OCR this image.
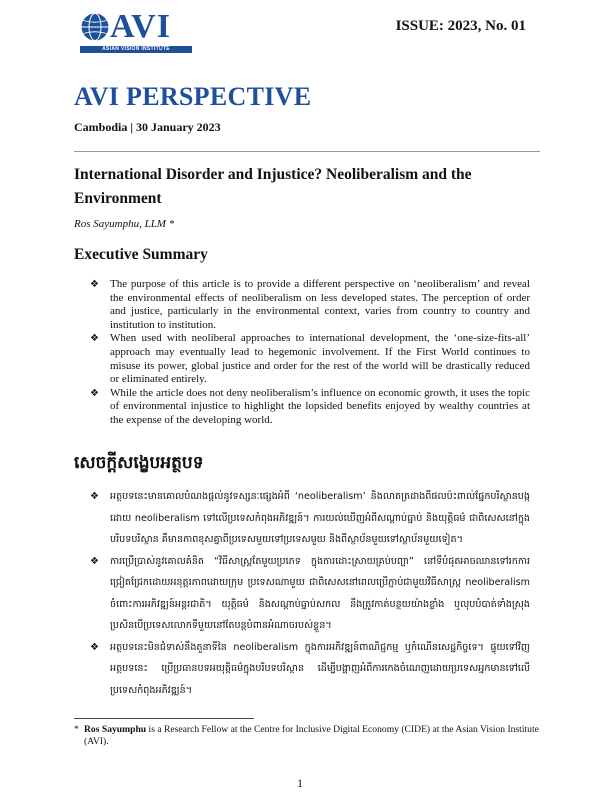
AVI
ASIAN VISION INSTITUTE
ISSUE: 2023, No. 01
AVI PERSPECTIVE
Cambodia | 30 January 2023
International Disorder and Injustice? Neoliberalism and the Environment
Ros Sayumphu, LLM *
Executive Summary
❖ The purpose of this article is to provide a different perspective on ‘neoliberalism’ and reveal the environmental effects of neoliberalism on less developed states. The perception of order and justice, particularly in the environmental context, varies from country to country and institution to institution.
❖ When used with neoliberal approaches to international development, the ‘one-size-fits-all’ approach may eventually lead to hegemonic involvement. If the First World continues to misuse its power, global justice and order for the rest of the world will be drastically reduced or eliminated entirely.
❖ While the article does not deny neoliberalism’s influence on economic growth, it uses the topic of environmental injustice to highlight the lopsided benefits enjoyed by wealthy countries at the expense of the developing world.
សេចក្តីសង្ខេបអត្ថបទ
❖ អត្ថបទនេះមានគោលបំណងផ្តល់នូវទស្សនៈផ្សេងអំពី ‘neoliberalism’ និងលាតត្រដាងពីផលប៉ះពាល់ផ្នែកបរិស្ថានបង្កដោយ neoliberalism ទៅលើប្រទេសកំពុងអភិវឌ្ឍន៍។ ការយល់ឃើញអំពីសណ្តាប់ធ្នាប់ និងយុត្តិធម៌ ជាពិសេសនៅក្នុងបរិបទបរិស្ថាន គឺមានភាពខុសគ្នាពីប្រទេសមួយទៅប្រទេសមួយ និងពីស្ថាប័នមួយទៅស្ថាប័នមួយទៀត។
❖ ការប្រើប្រាស់នូវគោលគំនិត “វិធីសាស្ត្រតែមួយប្រភេទ ក្នុងការដោះស្រាយគ្រប់បញ្ហា” នៅទីបំផុតអាចឈានទៅរកការជ្រៀតជ្រែកដោយអនុត្តរភាពដោយក្រុម ប្រទេសណាមួយ ជាពិសេសនៅពេលប្រើភ្ជាប់ជាមួយវិធីសាស្ត្រ neoliberalism ចំពោះការអភិវឌ្ឍន៍អន្តរជាតិ។ យុត្តិធម៌ និងសណ្តាប់ធ្នាប់សកល នឹងត្រូវកាត់បន្ថយយ៉ាងខ្លាំង ឬលុបបំបាត់ទាំងស្រុង ប្រសិនបើប្រទេសលោកទីមួយនៅតែបន្តបំពានអំណាចរបស់ខ្លួន។
❖ អត្ថបទនេះមិនជំទាស់នឹងតួនាទីនៃ neoliberalism ក្នុងការអភិវឌ្ឍន៍ពាណិជ្ជកម្ម ឬកំណើនសេដ្ឋកិច្ចទេ។ ផ្ទុយទៅវិញ អត្ថបទនេះ ប្រើប្រធានបទអយុត្តិធម៌ក្នុងបរិបទបរិស្ថាន ដើម្បីបង្ហាញអំពីការកេងចំណេញដោយប្រទេសអ្នកមានទៅលើប្រទេសកំពុងអភិវឌ្ឍន៍។
* Ros Sayumphu is a Research Fellow at the Centre for Inclusive Digital Economy (CIDE) at the Asian Vision Institute (AVI).
1
